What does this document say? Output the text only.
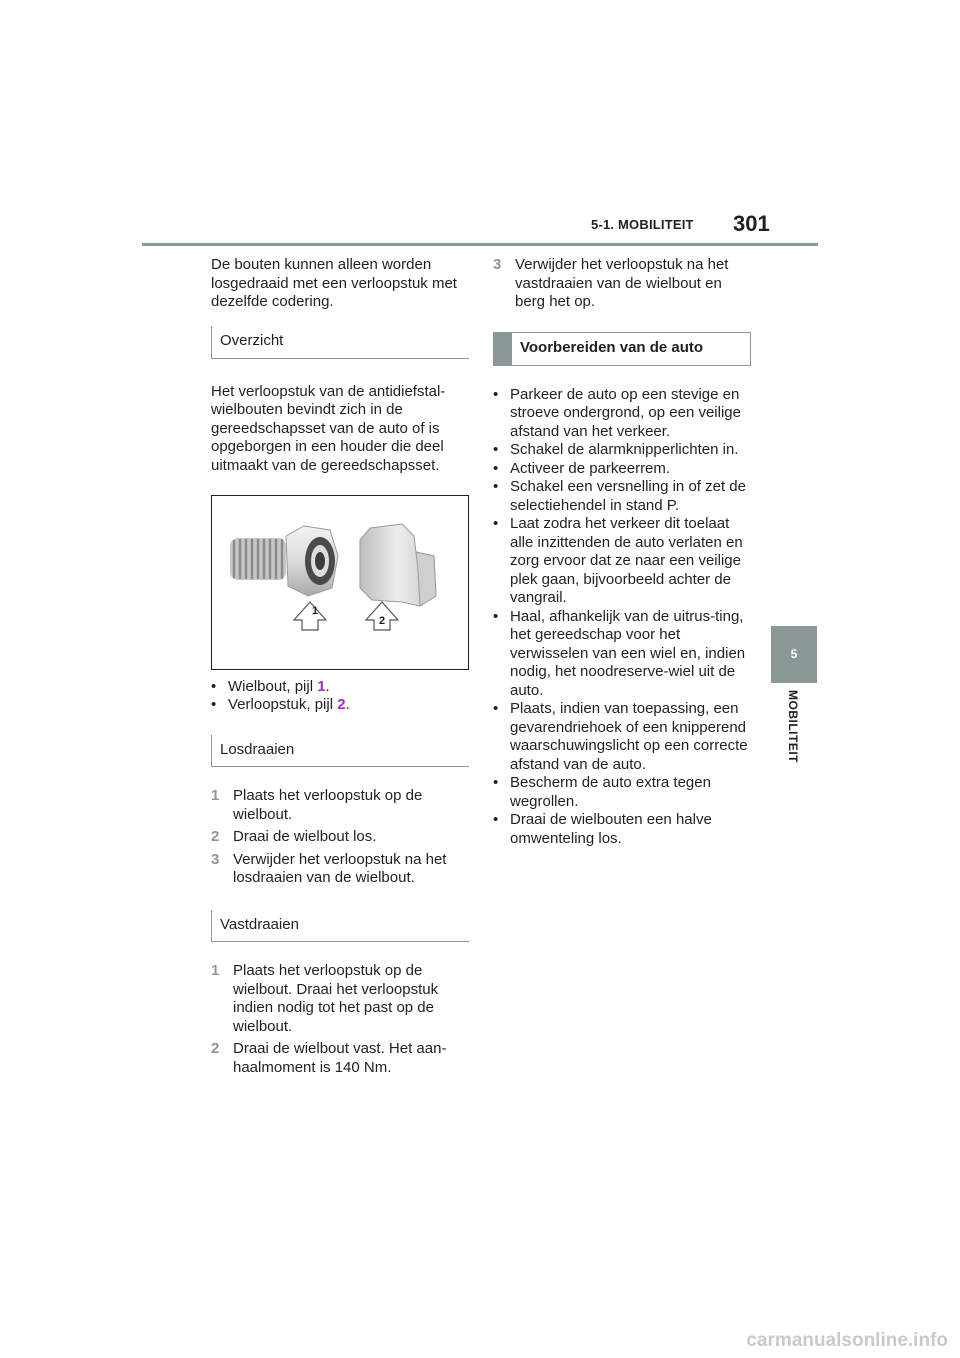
5-1. MOBILITEIT 301
5
MOBILITEIT

De bouten kunnen alleen worden losgedraaid met een verloopstuk met dezelfde codering.

Overzicht

Het verloopstuk van de antidiefstal-wielbouten bevindt zich in de gereedschapsset van de auto of is opgeborgen in een houder die deel uitmaakt van de gereedschapsset.

1
2
• Wielbout, pijl 1.
• Verloopstuk, pijl 2.
Losdraaien
1 Plaats het verloopstuk op de wielbout.
2 Draai de wielbout los.
3 Verwijder het verloopstuk na het losdraaien van de wielbout.
Vastdraaien
1 Plaats het verloopstuk op de wielbout. Draai het verloopstuk indien nodig tot het past op de wielbout.
2 Draai de wielbout vast. Het aan-haalmoment is 140 Nm.
3 Verwijder het verloopstuk na het vastdraaien van de wielbout en berg het op.
Voorbereiden van de auto
• Parkeer de auto op een stevige en stroeve ondergrond, op een veilige afstand van het verkeer.
• Schakel de alarmknipperlichten in.
• Activeer de parkeerrem.
• Schakel een versnelling in of zet de selectiehendel in stand P.
• Laat zodra het verkeer dit toelaat alle inzittenden de auto verlaten en zorg ervoor dat ze naar een veilige plek gaan, bijvoorbeeld achter de vangrail.
• Haal, afhankelijk van de uitrus-ting, het gereedschap voor het verwisselen van een wiel en, indien nodig, het noodreserve-wiel uit de auto.
• Plaats, indien van toepassing, een gevarendriehoek of een knipperend waarschuwingslicht op een correcte afstand van de auto.
• Bescherm de auto extra tegen wegrollen.
• Draai de wielbouten een halve omwenteling los.
carmanualsonline.info
